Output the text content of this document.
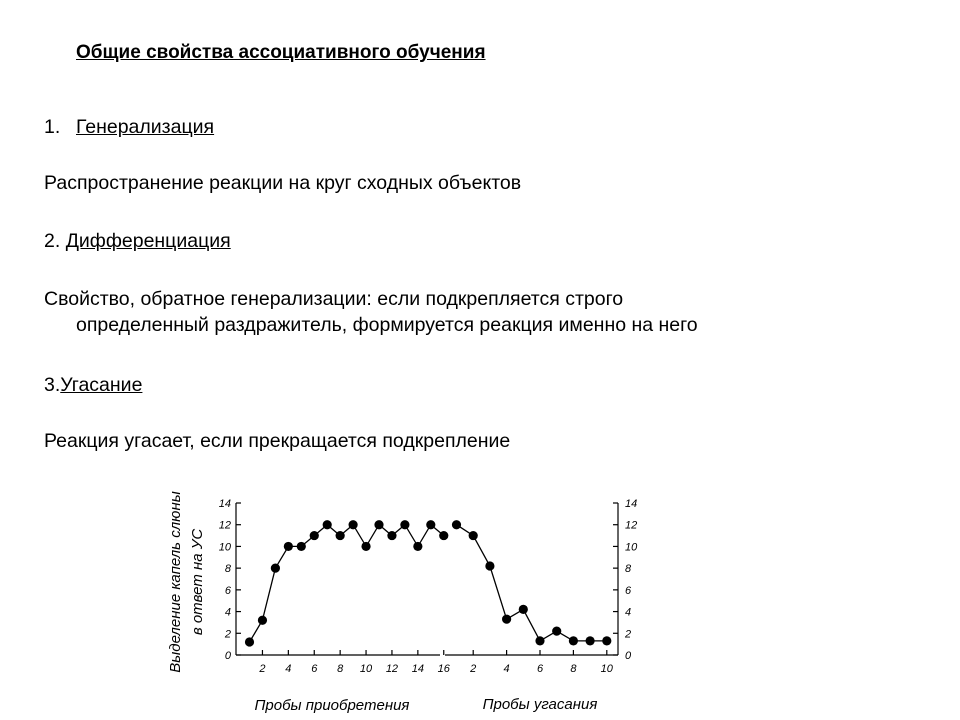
Общие свойства ассоциативного обучения

1. Генерализация

Распространение реакции на круг сходных объектов

2. Дифференциация

Свойство, обратное генерализации: если подкрепляется строго

определенный раздражитель, формируется реакция именно на него

3.Угасание

Реакция угасает, если прекращается подкрепление

0
2
4
6
8
10
12
14
0
2
4
6
8
10
12
14
2 4 6 8 10 12 14 16 2 4 6 8 10
Выделение капель слюны в ответ на УС
Пробы приобретения	Пробы угасания
